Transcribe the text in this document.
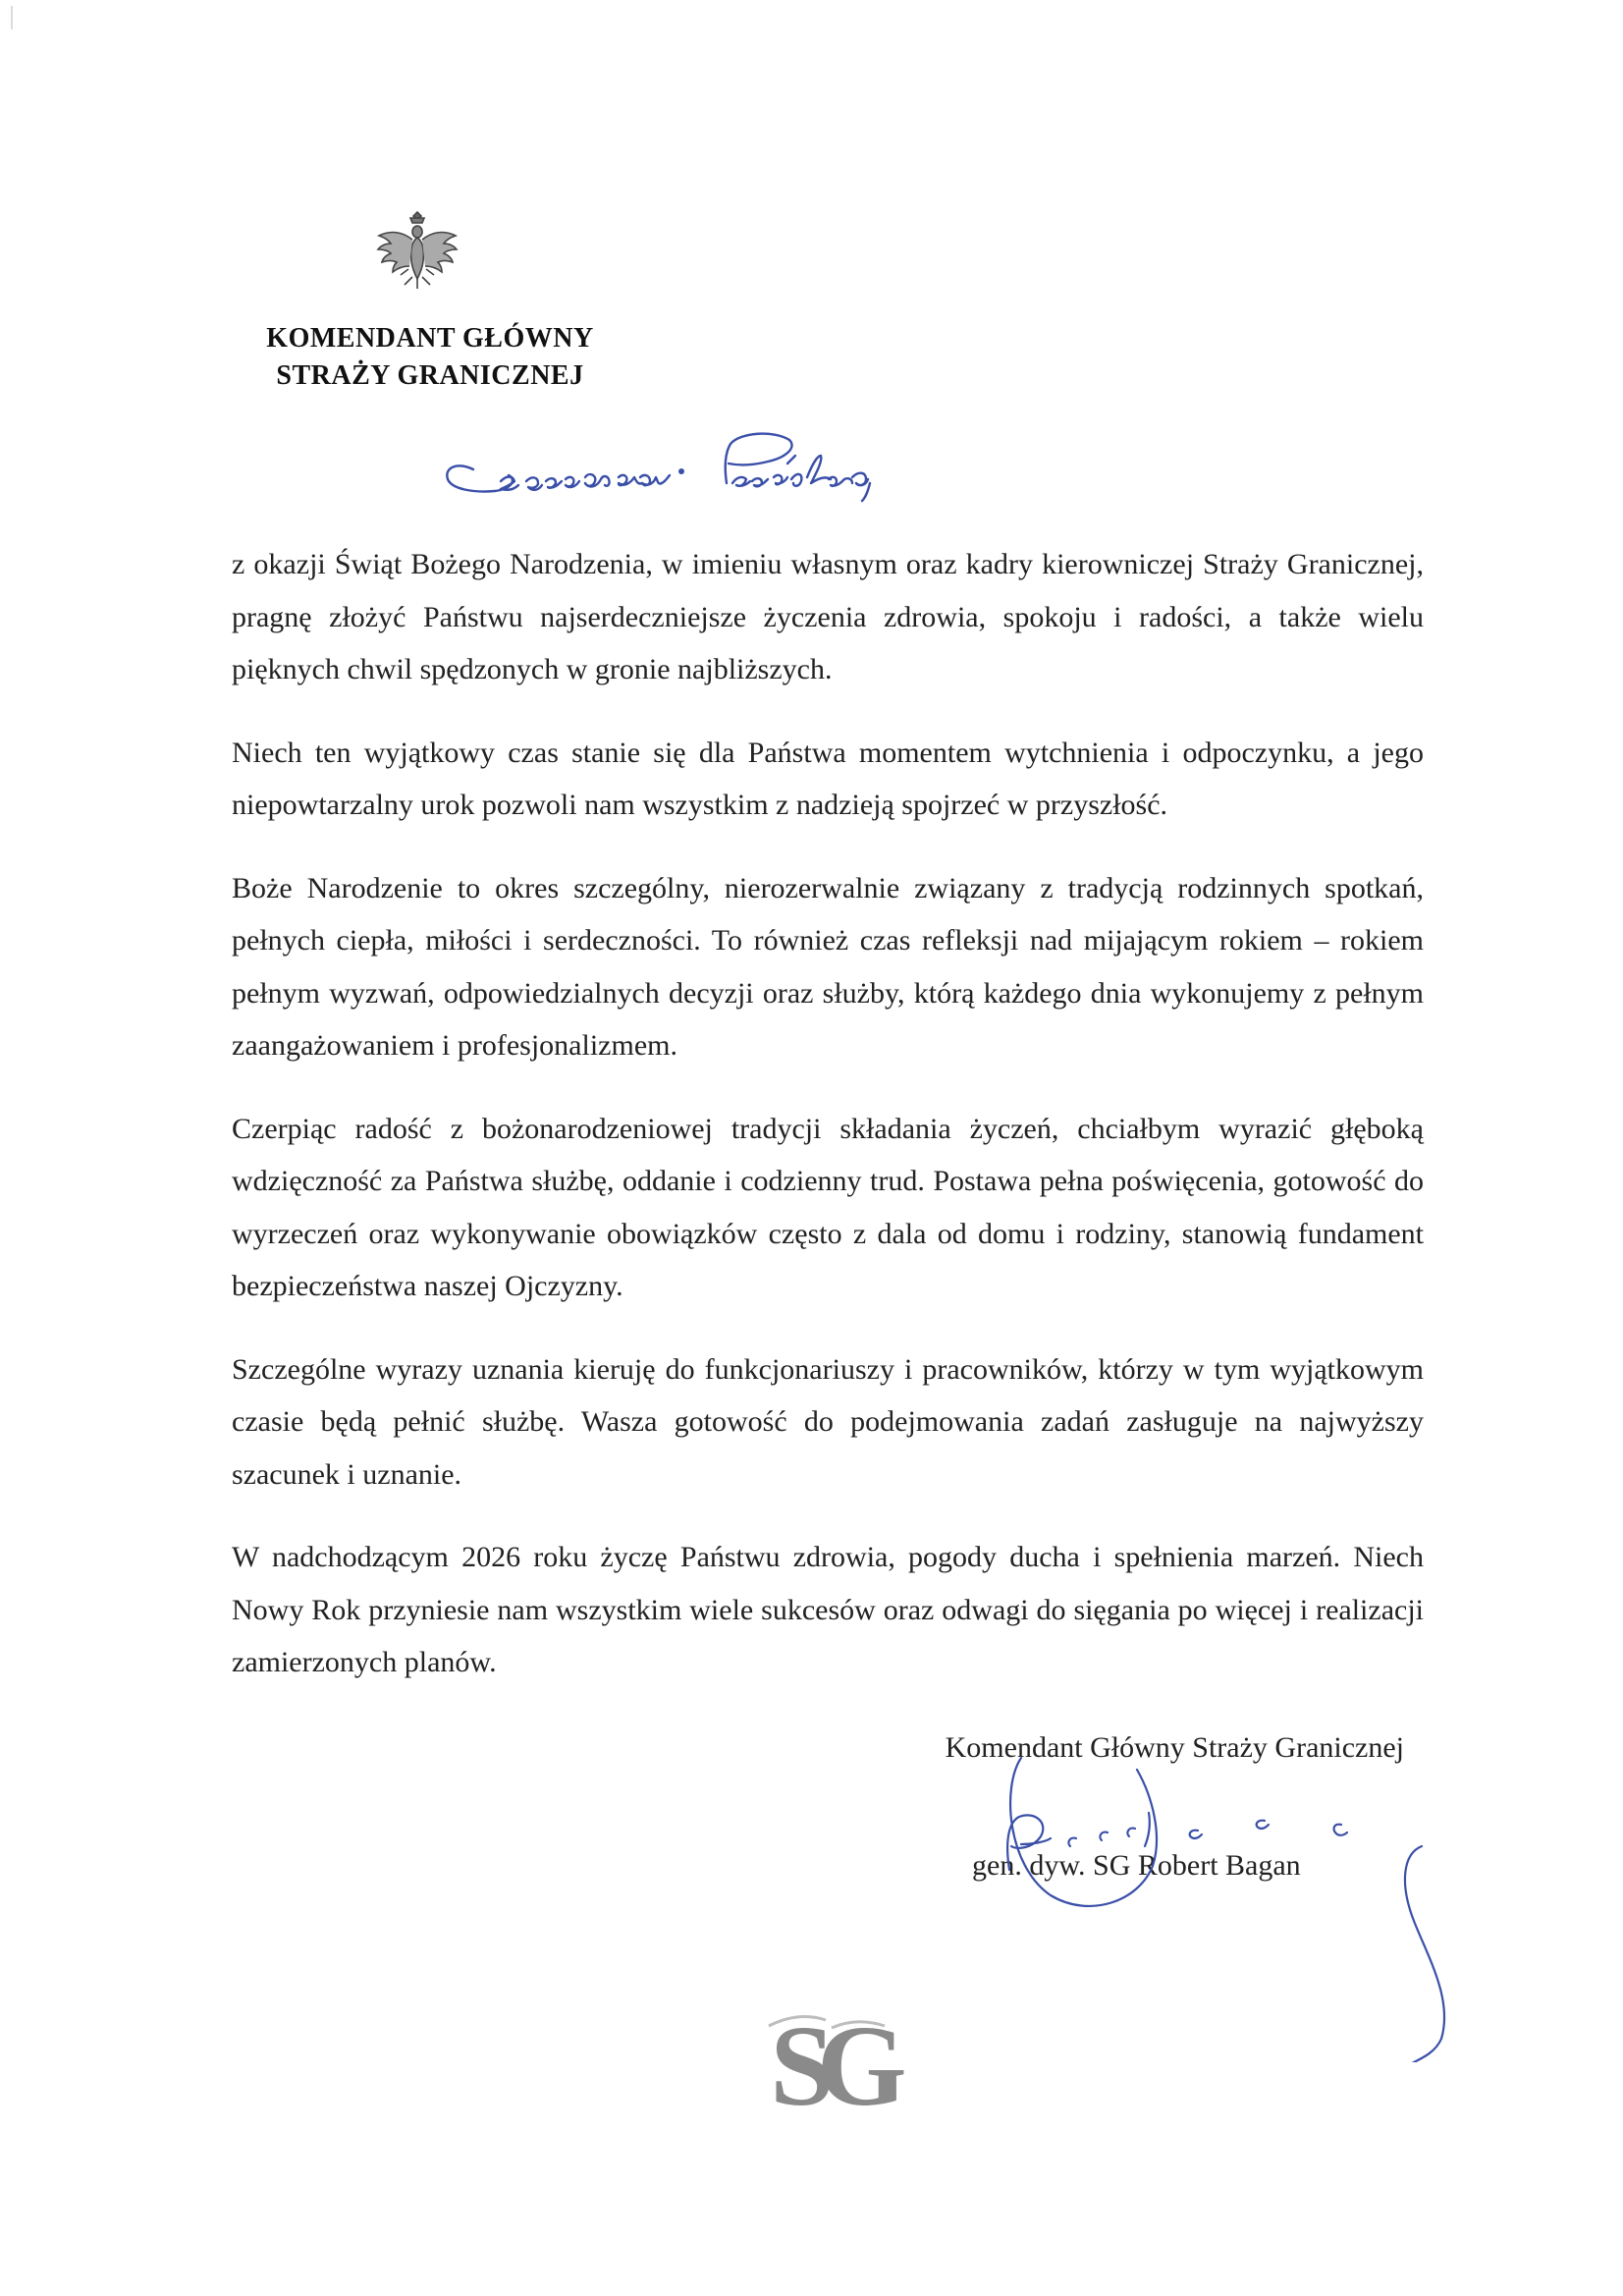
KOMENDANT GŁÓWNY
STRAŻY GRANICZNEJ

z okazji Świąt Bożego Narodzenia, w imieniu własnym oraz kadry kierowniczej Straży Granicznej, pragnę złożyć Państwu najserdeczniejsze życzenia zdrowia, spokoju i radości, a także wielu pięknych chwil spędzonych w gronie najbliższych.

Niech ten wyjątkowy czas stanie się dla Państwa momentem wytchnienia i odpoczynku, a jego niepowtarzalny urok pozwoli nam wszystkim z nadzieją spojrzeć w przyszłość.

Boże Narodzenie to okres szczególny, nierozerwalnie związany z tradycją rodzinnych spotkań, pełnych ciepła, miłości i serdeczności. To również czas refleksji nad mijającym rokiem – rokiem pełnym wyzwań, odpowiedzialnych decyzji oraz służby, którą każdego dnia wykonujemy z pełnym zaangażowaniem i profesjonalizmem.

Czerpiąc radość z bożonarodzeniowej tradycji składania życzeń, chciałbym wyrazić głęboką wdzięczność za Państwa służbę, oddanie i codzienny trud. Postawa pełna poświęcenia, gotowość do wyrzeczeń oraz wykonywanie obowiązków często z dala od domu i rodziny, stanowią fundament bezpieczeństwa naszej Ojczyzny.

Szczególne wyrazy uznania kieruję do funkcjonariuszy i pracowników, którzy w tym wyjątkowym czasie będą pełnić służbę. Wasza gotowość do podejmowania zadań zasługuje na najwyższy szacunek i uznanie.

W nadchodzącym 2026 roku życzę Państwu zdrowia, pogody ducha i spełnienia marzeń. Niech Nowy Rok przyniesie nam wszystkim wiele sukcesów oraz odwagi do sięgania po więcej i realizacji zamierzonych planów.

Komendant Główny Straży Granicznej
gen. dyw. SG Robert Bagan
SG
